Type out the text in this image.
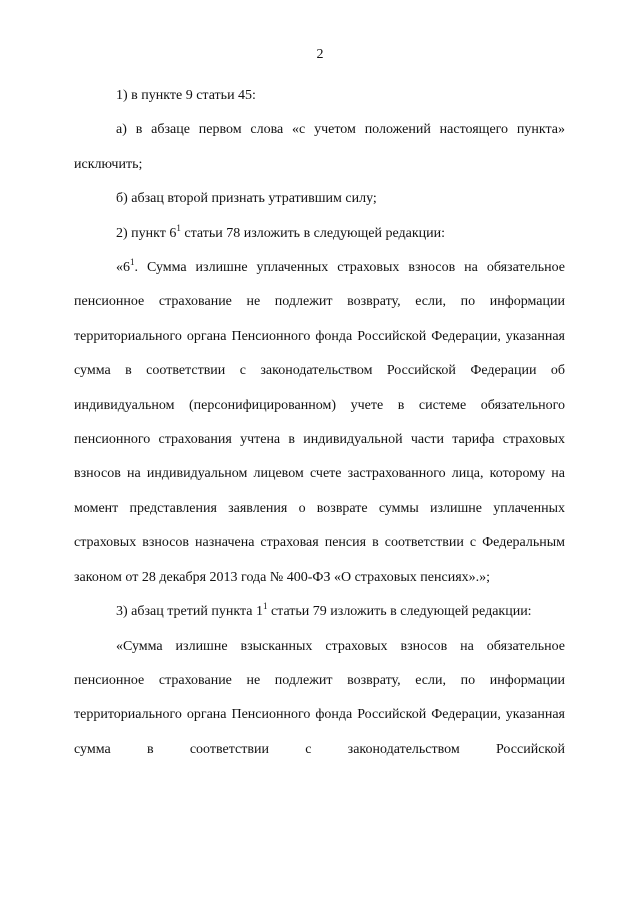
2

1) в пункте 9 статьи 45:

а) в абзаце первом слова «с учетом положений настоящего пункта» исключить;

б) абзац второй признать утратившим силу;

2) пункт $6^1$ статьи 78 изложить в следующей редакции:

«$6^1$. Сумма излишне уплаченных страховых взносов на обязательное пенсионное страхование не подлежит возврату, если, по информации территориального органа Пенсионного фонда Российской Федерации, указанная сумма в соответствии с законодательством Российской Федерации об индивидуальном (персонифицированном) учете в системе обязательного пенсионного страхования учтена в индивидуальной части тарифа страховых взносов на индивидуальном лицевом счете застрахованного лица, которому на момент представления заявления о возврате суммы излишне уплаченных страховых взносов назначена страховая пенсия в соответствии с Федеральным законом от 28 декабря 2013 года № 400-ФЗ «О страховых пенсиях».»;

3) абзац третий пункта $1^1$ статьи 79 изложить в следующей редакции:

«Сумма излишне взысканных страховых взносов на обязательное пенсионное страхование не подлежит возврату, если, по информации территориального органа Пенсионного фонда Российской Федерации, указанная сумма в соответствии с законодательством Российской
